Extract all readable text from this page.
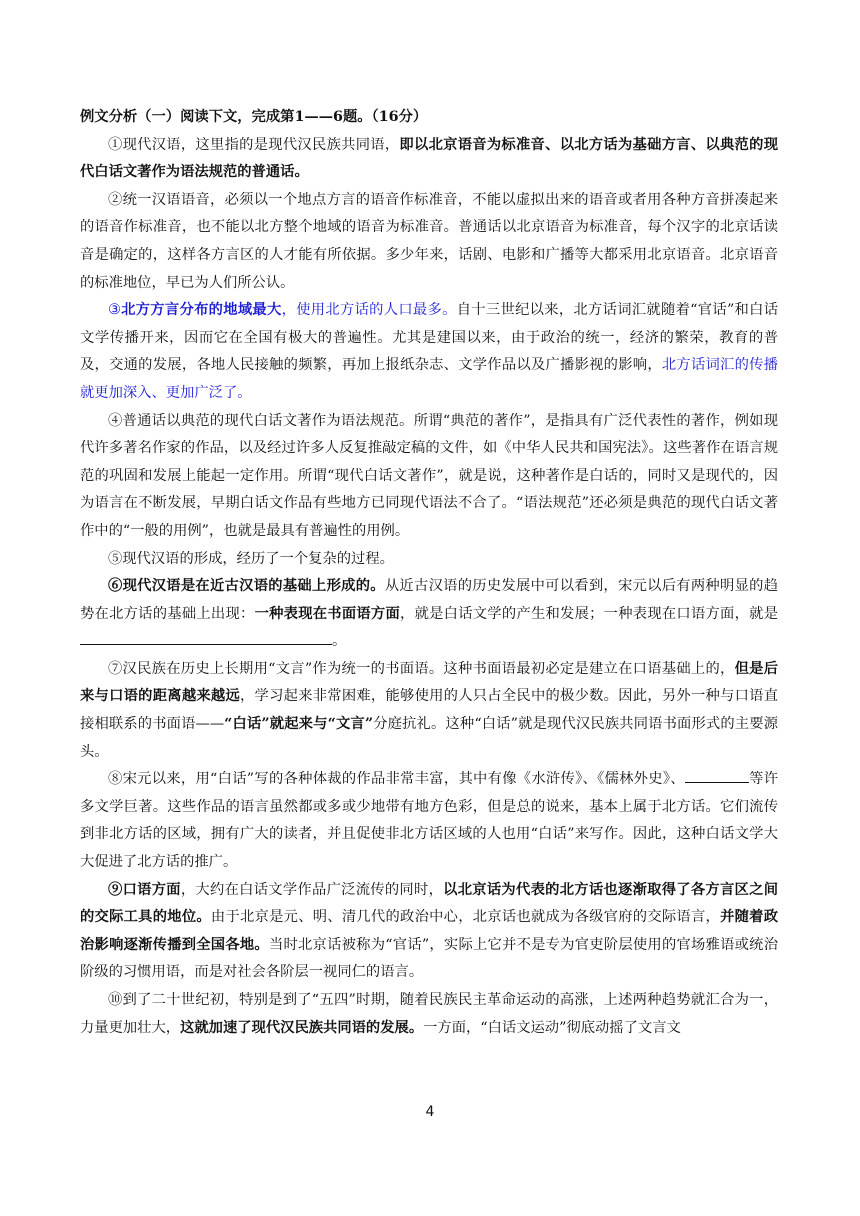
例文分析（一）阅读下文，完成第1——6题。（16分）

①现代汉语，这里指的是现代汉民族共同语，即以北京语音为标准音、以北方话为基础方言、以典范的现代白话文著作为语法规范的普通话。

②统一汉语语音，必须以一个地点方言的语音作标准音，不能以虚拟出来的语音或者用各种方音拼凑起来的语音作标准音，也不能以北方整个地域的语音为标准音。普通话以北京语音为标准音，每个汉字的北京话读音是确定的，这样各方言区的人才能有所依据。多少年来，话剧、电影和广播等大都采用北京语音。北京语音的标准地位，早已为人们所公认。

③北方方言分布的地域最大，使用北方话的人口最多。自十三世纪以来，北方话词汇就随着“官话”和白话文学传播开来，因而它在全国有极大的普遍性。尤其是建国以来，由于政治的统一，经济的繁荣，教育的普及，交通的发展，各地人民接触的频繁，再加上报纸杂志、文学作品以及广播影视的影响，北方话词汇的传播就更加深入、更加广泛了。

④普通话以典范的现代白话文著作为语法规范。所谓“典范的著作”，是指具有广泛代表性的著作，例如现代许多著名作家的作品，以及经过许多人反复推敲定稿的文件，如《中华人民共和国宪法》。这些著作在语言规范的巩固和发展上能起一定作用。所谓“现代白话文著作”，就是说，这种著作是白话的，同时又是现代的，因为语言在不断发展，早期白话文作品有些地方已同现代语法不合了。“语法规范”还必须是典范的现代白话文著作中的“一般的用例”，也就是最具有普遍性的用例。

⑤现代汉语的形成，经历了一个复杂的过程。

⑥现代汉语是在近古汉语的基础上形成的。从近古汉语的历史发展中可以看到，宋元以后有两种明显的趋势在北方话的基础上出现：一种表现在书面语方面，就是白话文学的产生和发展；一种表现在口语方面，就是。

⑦汉民族在历史上长期用“文言”作为统一的书面语。这种书面语最初必定是建立在口语基础上的，但是后来与口语的距离越来越远，学习起来非常困难，能够使用的人只占全民中的极少数。因此，另外一种与口语直接相联系的书面语——“白话”就起来与“文言”分庭抗礼。这种“白话”就是现代汉民族共同语书面形式的主要源头。

⑧宋元以来，用“白话”写的各种体裁的作品非常丰富，其中有像《水浒传》、《儒林外史》、	等许多文学巨著。这些作品的语言虽然都或多或少地带有地方色彩，但是总的说来，基本上属于北方话。它们流传到非北方话的区域，拥有广大的读者，并且促使非北方话区域的人也用“白话”来写作。因此，这种白话文学大大促进了北方话的推广。

⑨口语方面，大约在白话文学作品广泛流传的同时，以北京话为代表的北方话也逐渐取得了各方言区之间的交际工具的地位。由于北京是元、明、清几代的政治中心，北京话也就成为各级官府的交际语言，并随着政治影响逐渐传播到全国各地。当时北京话被称为“官话”，实际上它并不是专为官吏阶层使用的官场雅语或统治阶级的习惯用语，而是对社会各阶层一视同仁的语言。

⑩到了二十世纪初，特别是到了“五四”时期，随着民族民主革命运动的高涨，上述两种趋势就汇合为一，力量更加壮大，这就加速了现代汉民族共同语的发展。一方面，“白话文运动”彻底动摇了文言文

4
